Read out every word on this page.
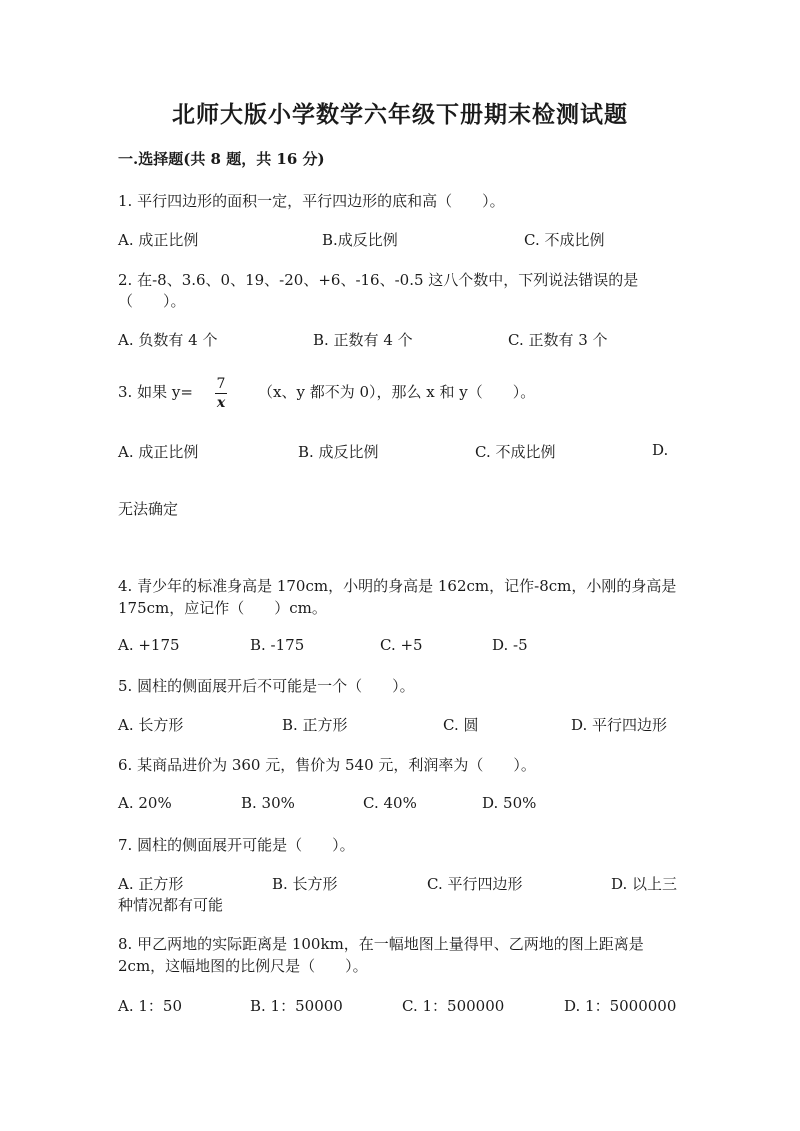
北师大版小学数学六年级下册期末检测试题
一.选择题(共 8 题，共 16 分)
1. 平行四边形的面积一定，平行四边形的底和高（　　）。
A. 成正比例	B.成反比例	C. 不成比例
2. 在-8、3.6、0、19、-20、+6、-16、-0.5 这八个数中，下列说法错误的是
（　　）。
A. 负数有 4 个	B. 正数有 4 个	C. 正数有 3 个
3. 如果 y= 7
x
（x、y 都不为 0），那么 x 和 y（　　）。
A. 成正比例	B. 成反比例	C. 不成比例	D.
无法确定
4. 青少年的标准身高是 170cm，小明的身高是 162cm，记作-8cm，小刚的身高是
175cm，应记作（　　）cm。
A. +175	B. -175	C. +5	D. -5
5. 圆柱的侧面展开后不可能是一个（　　）。
A. 长方形	B. 正方形	C. 圆	D. 平行四边形
6. 某商品进价为 360 元，售价为 540 元，利润率为（　　）。
A. 20%	B. 30%	C. 40%	D. 50%
7. 圆柱的侧面展开可能是（　　）。
A. 正方形	B. 长方形	C. 平行四边形	D. 以上三
种情况都有可能
8. 甲乙两地的实际距离是 100km，在一幅地图上量得甲、乙两地的图上距离是
2cm，这幅地图的比例尺是（　　）。
A. 1：50	B. 1：50000	C. 1：500000	D. 1：5000000
